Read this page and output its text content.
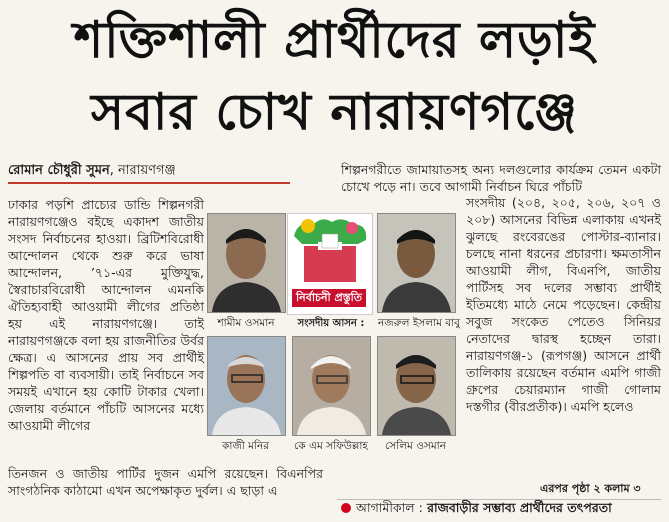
শক্তিশালী প্রার্থীদের লড়াই
সবার চোখ নারায়ণগঞ্জে
রোমান চৌধুরী সুমন, নারায়ণগঞ্জ
ঢাকার পড়শি প্রাচ্যের ডান্ডি শিল্পনগরী নারায়ণগঞ্জেও বইছে একাদশ জাতীয় সংসদ নির্বাচনের হাওয়া। ব্রিটিশবিরোধী আন্দোলন থেকে শুরু করে ভাষা আন্দোলন, ’৭১-এর মুক্তিযুদ্ধ, স্বৈরাচারবিরোধী আন্দোলন এমনকি ঐতিহ্যবাহী আওয়ামী লীগের প্রতিষ্ঠা হয় এই নারায়ণগঞ্জে। তাই নারায়ণগঞ্জকে বলা হয় রাজনীতির উর্বর ক্ষেত্র। এ আসনের প্রায় সব প্রার্থীই শিল্পপতি বা ব্যবসায়ী। তাই নির্বাচনে সব সময়ই এখানে হয় কোটি টাকার খেলা। জেলায় বর্তমানে পাঁচটি আসনের মধ্যে আওয়ামী লীগের
শিল্পনগরীতে জামায়াতসহ অন্য দলগুলোর কার্যক্রম তেমন একটা চোখে পড়ে না। তবে আগামী নির্বাচন ঘিরে পাঁচটি
সংসদীয় (২০৪, ২০৫, ২০৬, ২০৭ ও ২০৮) আসনের বিভিন্ন এলাকায় এখনই ঝুলছে রংবেরঙের পোস্টার-ব্যানার। চলছে নানা ধরনের প্রচারণা। ক্ষমতাসীন আওয়ামী লীগ, বিএনপি, জাতীয় পার্টিসহ সব দলের সম্ভাব্য প্রার্থীই ইতিমধ্যে মাঠে নেমে পড়েছেন। কেন্দ্রীয় সবুজ সংকেত পেতেও সিনিয়র নেতাদের দ্বারস্থ হচ্ছেন তারা। নারায়ণগঞ্জ-১ (রূপগঞ্জ) আসনে প্রার্থী তালিকায় রয়েছেন বর্তমান এমপি গাজী গ্রুপের চেয়ারম্যান গাজী গোলাম দস্তগীর (বীরপ্রতীক)। এমপি হলেও
তিনজন ও জাতীয় পার্টির দুজন এমপি রয়েছেন। বিএনপির সাংগঠনিক কাঠামো এখন অপেক্ষাকৃত দুর্বল। এ ছাড়া এ
শামীম ওসমান
নির্বাচনী প্রস্তুতি
সংসদীয় আসন :	নজরুল ইসলাম বাবু
কাজী মনির	কে এম সফিউল্লাহ	সেলিম ওসমান
এরপর পৃষ্ঠা ২ কলাম ৩
আগামীকাল : রাজবাড়ীর সম্ভাব্য প্রার্থীদের তৎপরতা
